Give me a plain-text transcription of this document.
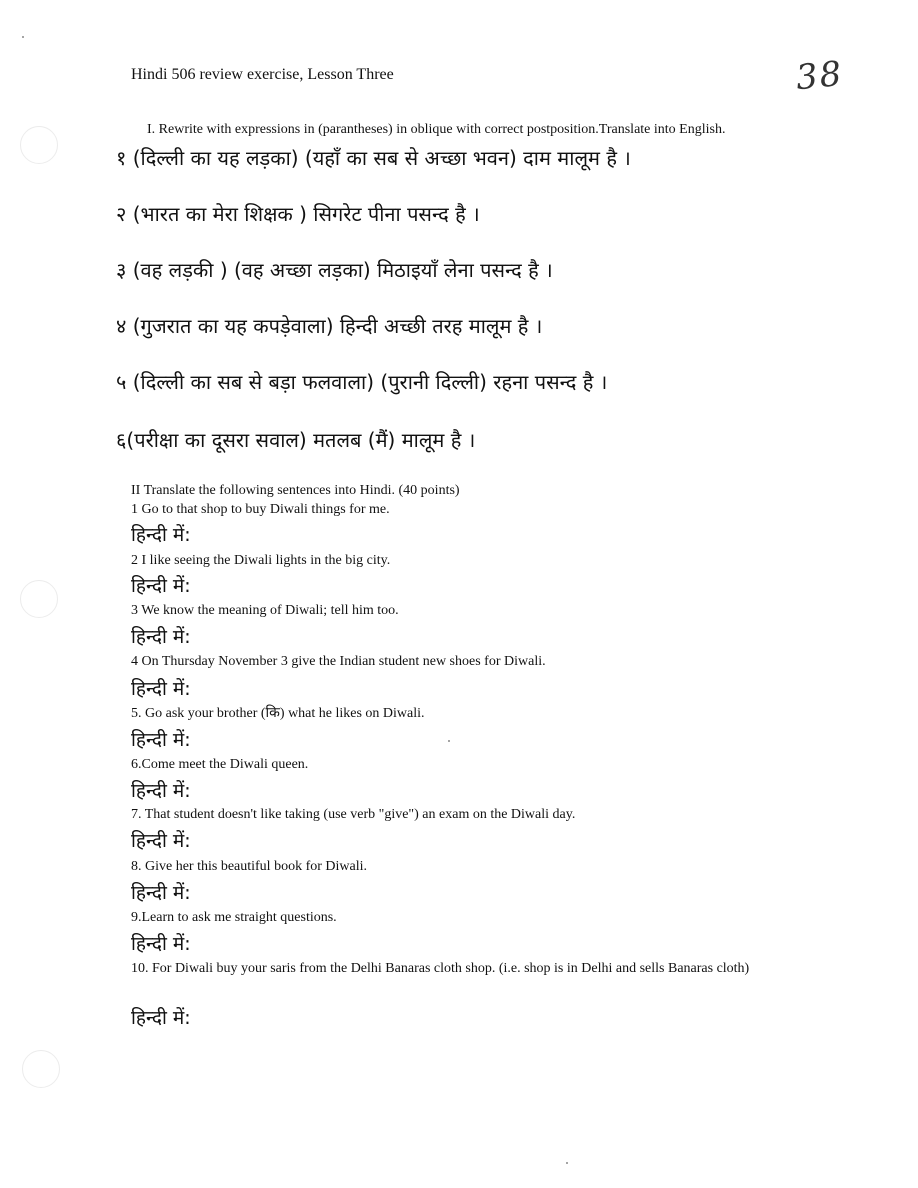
Hindi 506 review exercise, Lesson Three	38
I. Rewrite with expressions in (parantheses) in oblique with correct postposition.Translate into English.
१ (दिल्ली का यह लड़का) (यहाँ का सब से अच्छा भवन) दाम मालूम है ।
२ (भारत का मेरा शिक्षक ) सिगरेट पीना पसन्द है ।
३ (वह लड़की ) (वह अच्छा लड़का) मिठाइयाँ लेना पसन्द है ।
४ (गुजरात का यह कपड़ेवाला) हिन्दी अच्छी तरह मालूम है ।
५ (दिल्ली का सब से बड़ा फलवाला) (पुरानी दिल्ली) रहना पसन्द है ।
६(परीक्षा का दूसरा सवाल) मतलब (मैं) मालूम है ।
II Translate the following sentences into Hindi. (40 points)
1 Go to that shop to buy Diwali things for me.
हिन्दी में:
2 I like seeing the Diwali lights in the big city.
हिन्दी में:
3 We know the meaning of Diwali; tell him too.
हिन्दी में:
4 On Thursday November 3 give the Indian student new shoes for Diwali.
हिन्दी में:
5. Go ask your brother (कि) what he likes on Diwali.
हिन्दी में:
6.Come meet the Diwali queen.
हिन्दी में:
7. That student doesn't like taking (use verb "give") an exam on the Diwali day.
हिन्दी में:
8. Give her this beautiful book for Diwali.
हिन्दी में:
9.Learn to ask me straight questions.
हिन्दी में:
10. For Diwali buy your saris from the Delhi Banaras cloth shop. (i.e. shop is in Delhi and sells Banaras cloth)
हिन्दी में:
